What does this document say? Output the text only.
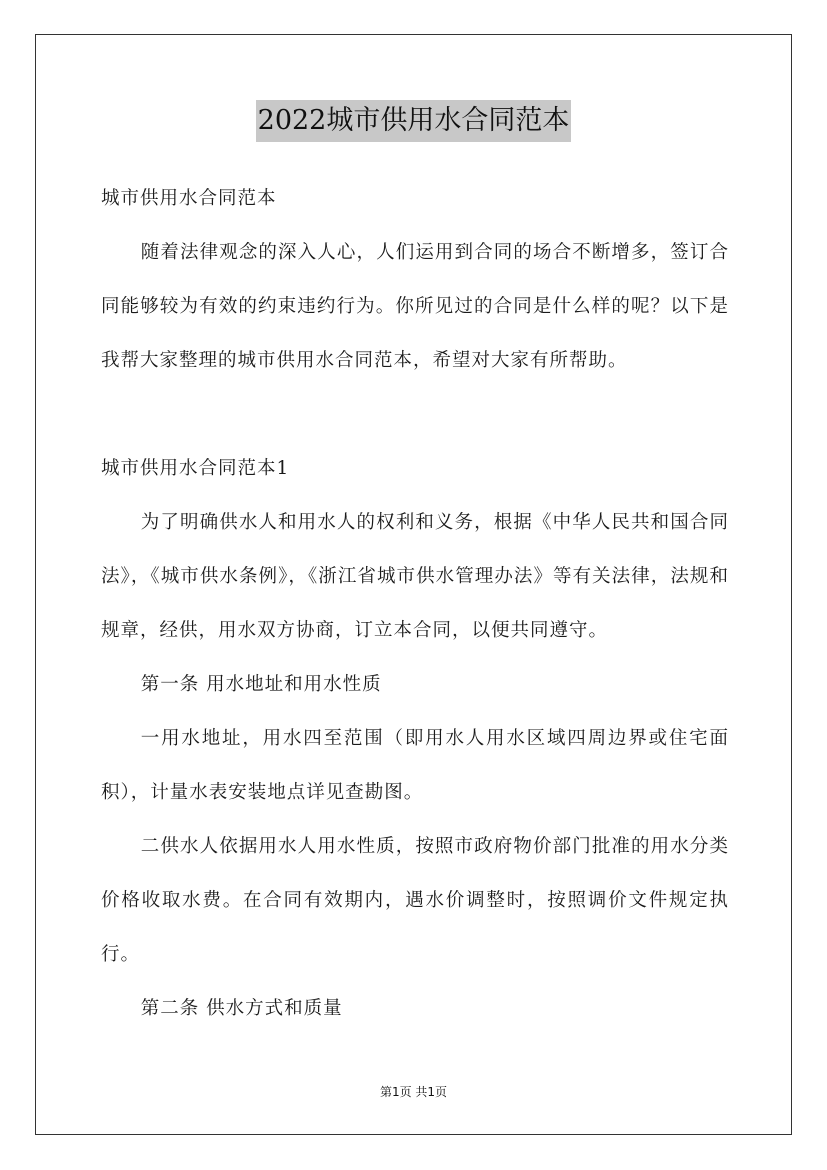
2022城市供用水合同范本

城市供用水合同范本

随着法律观念的深入人心，人们运用到合同的场合不断增多，签订合同能够较为有效的约束违约行为。你所见过的合同是什么样的呢？以下是我帮大家整理的城市供用水合同范本，希望对大家有所帮助。

城市供用水合同范本1

为了明确供水人和用水人的权利和义务，根据《中华人民共和国合同法》，《城市供水条例》，《浙江省城市供水管理办法》等有关法律，法规和规章，经供，用水双方协商，订立本合同，以便共同遵守。

第一条 用水地址和用水性质

一用水地址，用水四至范围（即用水人用水区域四周边界或住宅面积），计量水表安装地点详见查勘图。

二供水人依据用水人用水性质，按照市政府物价部门批准的用水分类价格收取水费。在合同有效期内，遇水价调整时，按照调价文件规定执行。

第二条 供水方式和质量

第1页 共1页
